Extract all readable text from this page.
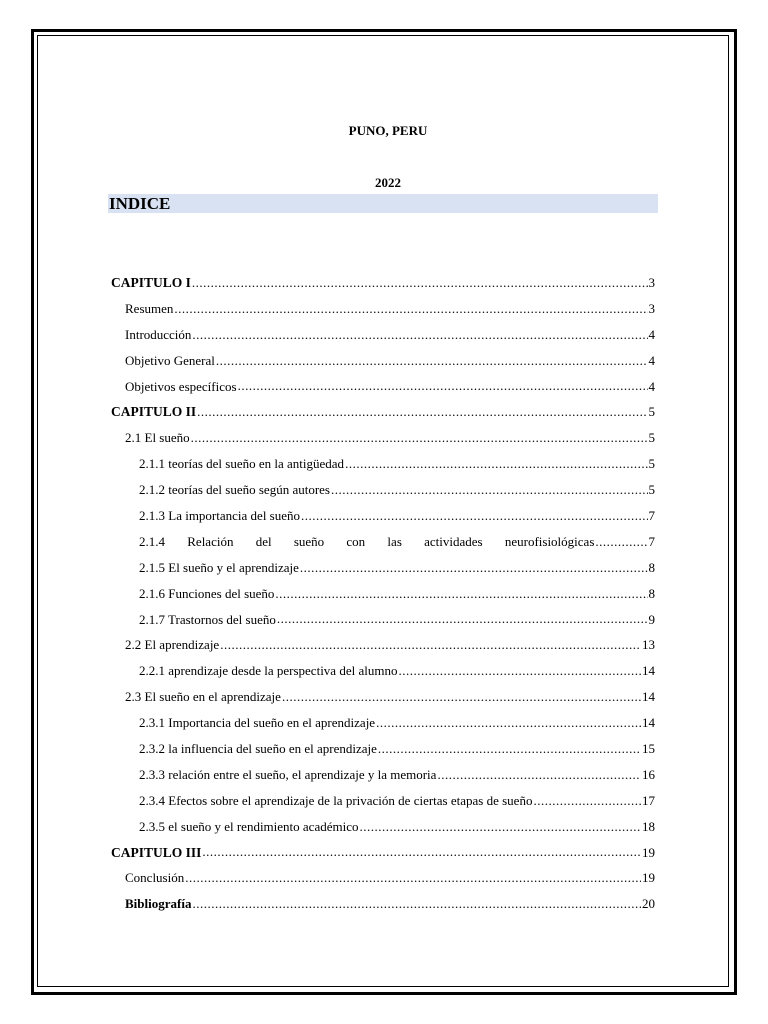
PUNO, PERU
2022
INDICE
CAPITULO I .....	3
Resumen .....	3
Introducción .....	4
Objetivo General .....	4
Objetivos específicos .....	4
CAPITULO II .....	5
2.1 El sueño .....	5
2.1.1 teorías del sueño en la antigüedad .....	5
2.1.2 teorías del sueño según autores .....	5
2.1.3 La importancia del sueño .....	7
2.1.4 Relación del sueño con las actividades neurofisiológicas .....	7
2.1.5 El sueño y el aprendizaje .....	8
2.1.6 Funciones del sueño .....	8
2.1.7 Trastornos del sueño .....	9
2.2 El aprendizaje .....	13
2.2.1 aprendizaje desde la perspectiva del alumno .....	14
2.3 El sueño en el aprendizaje .....	14
2.3.1 Importancia del sueño en el aprendizaje .....	14
2.3.2 la influencia del sueño en el aprendizaje .....	15
2.3.3 relación entre el sueño, el aprendizaje y la memoria .....	16
2.3.4 Efectos sobre el aprendizaje de la privación de ciertas etapas de sueño .....	17
2.3.5 el sueño y el rendimiento académico .....	18
CAPITULO III .....	19
Conclusión .....	19
Bibliografía .....	20
